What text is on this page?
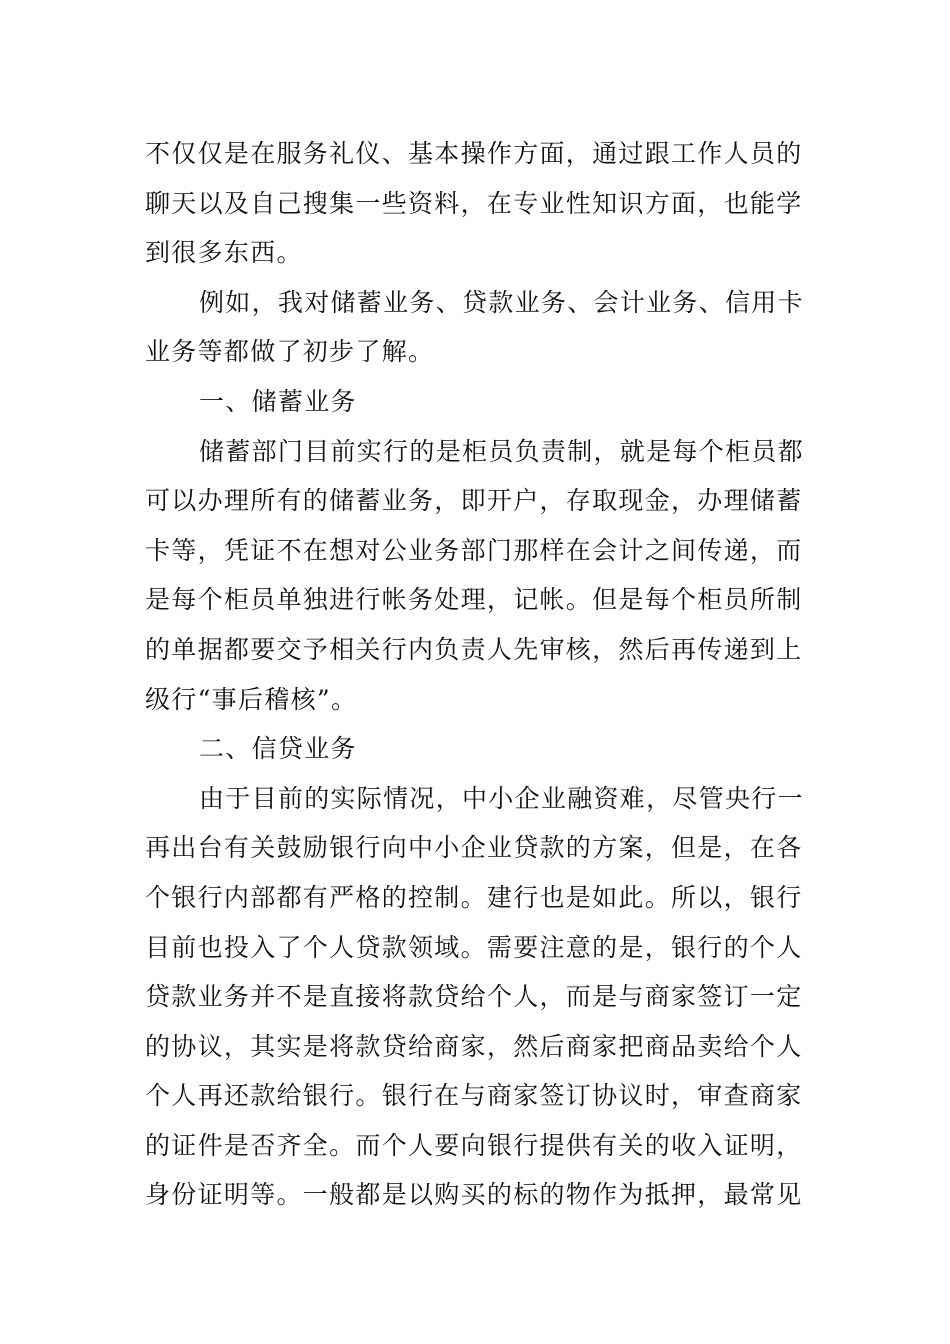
不仅仅是在服务礼仪、基本操作方面，通过跟工作人员的
聊天以及自己搜集一些资料，在专业性知识方面，也能学
到很多东西。
例如，我对储蓄业务、贷款业务、会计业务、信用卡
业务等都做了初步了解。
一、储蓄业务
储蓄部门目前实行的是柜员负责制，就是每个柜员都
可以办理所有的储蓄业务，即开户，存取现金，办理储蓄
卡等，凭证不在想对公业务部门那样在会计之间传递，而
是每个柜员单独进行帐务处理，记帐。但是每个柜员所制
的单据都要交予相关行内负责人先审核，然后再传递到上
级行“事后稽核”。
二、信贷业务
由于目前的实际情况，中小企业融资难，尽管央行一
再出台有关鼓励银行向中小企业贷款的方案，但是，在各
个银行内部都有严格的控制。建行也是如此。所以，银行
目前也投入了个人贷款领域。需要注意的是，银行的个人
贷款业务并不是直接将款贷给个人，而是与商家签订一定
的协议，其实是将款贷给商家，然后商家把商品卖给个人
个人再还款给银行。银行在与商家签订协议时，审查商家
的证件是否齐全。而个人要向银行提供有关的收入证明，
身份证明等。一般都是以购买的标的物作为抵押，最常见
